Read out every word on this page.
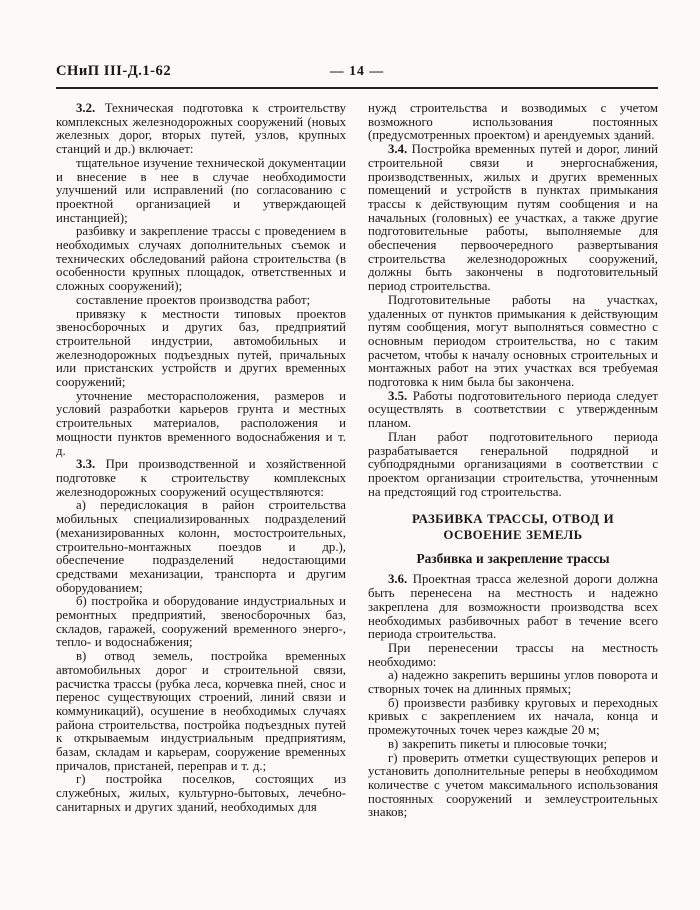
СНиП III-Д.1-62	— 14 —

3.2. Техническая подготовка к строительству комплексных железнодорожных сооружений (новых железных дорог, вторых путей, узлов, крупных станций и др.) включает:

тщательное изучение технической документации и внесение в нее в случае необходимости улучшений или исправлений (по согласованию с проектной организацией и утверждающей инстанцией);

разбивку и закрепление трассы с проведением в необходимых случаях дополнительных съемок и технических обследований района строительства (в особенности крупных площадок, ответственных и сложных сооружений);

составление проектов производства работ;

привязку к местности типовых проектов звеносборочных и других баз, предприятий строительной индустрии, автомобильных и железнодорожных подъездных путей, причальных или пристанских устройств и других временных сооружений;

уточнение месторасположения, размеров и условий разработки карьеров грунта и местных строительных материалов, расположения и мощности пунктов временного водоснабжения и т. д.

3.3. При производственной и хозяйственной подготовке к строительству комплексных железнодорожных сооружений осуществляются:

а) передислокация в район строительства мобильных специализированных подразделений (механизированных колонн, мостостроительных, строительно-монтажных поездов и др.), обеспечение подразделений недостающими средствами механизации, транспорта и другим оборудованием;

б) постройка и оборудование индустриальных и ремонтных предприятий, звеносборочных баз, складов, гаражей, сооружений временного энерго-, тепло- и водоснабжения;

в) отвод земель, постройка временных автомобильных дорог и строительной связи, расчистка трассы (рубка леса, корчевка пней, снос и перенос существующих строений, линий связи и коммуникаций), осушение в необходимых случаях района строительства, постройка подъездных путей к открываемым индустриальным предприятиям, базам, складам и карьерам, сооружение временных причалов, пристаней, переправ и т. д.;

г) постройка поселков, состоящих из служебных, жилых, культурно-бытовых, лечебно-санитарных и других зданий, необходимых для

нужд строительства и возводимых с учетом возможного использования постоянных (предусмотренных проектом) и арендуемых зданий.

3.4. Постройка временных путей и дорог, линий строительной связи и энергоснабжения, производственных, жилых и других временных помещений и устройств в пунктах примыкания трассы к действующим путям сообщения и на начальных (головных) ее участках, а также другие подготовительные работы, выполняемые для обеспечения первоочередного развертывания строительства железнодорожных сооружений, должны быть закончены в подготовительный период строительства.

Подготовительные работы на участках, удаленных от пунктов примыкания к действующим путям сообщения, могут выполняться совместно с основным периодом строительства, но с таким расчетом, чтобы к началу основных строительных и монтажных работ на этих участках вся требуемая подготовка к ним была бы закончена.

3.5. Работы подготовительного периода следует осуществлять в соответствии с утвержденным планом.

План работ подготовительного периода разрабатывается генеральной подрядной и субподрядными организациями в соответствии с проектом организации строительства, уточненным на предстоящий год строительства.

РАЗБИВКА ТРАССЫ, ОТВОД И ОСВОЕНИЕ ЗЕМЕЛЬ

Разбивка и закрепление трассы

3.6. Проектная трасса железной дороги должна быть перенесена на местность и надежно закреплена для возможности производства всех необходимых разбивочных работ в течение всего периода строительства.

При перенесении трассы на местность необходимо:

а) надежно закрепить вершины углов поворота и створных точек на длинных прямых;

б) произвести разбивку круговых и переходных кривых с закреплением их начала, конца и промежуточных точек через каждые 20 м;

в) закрепить пикеты и плюсовые точки;

г) проверить отметки существующих реперов и установить дополнительные реперы в необходимом количестве с учетом максимального использования постоянных сооружений и землеустроительных знаков;
